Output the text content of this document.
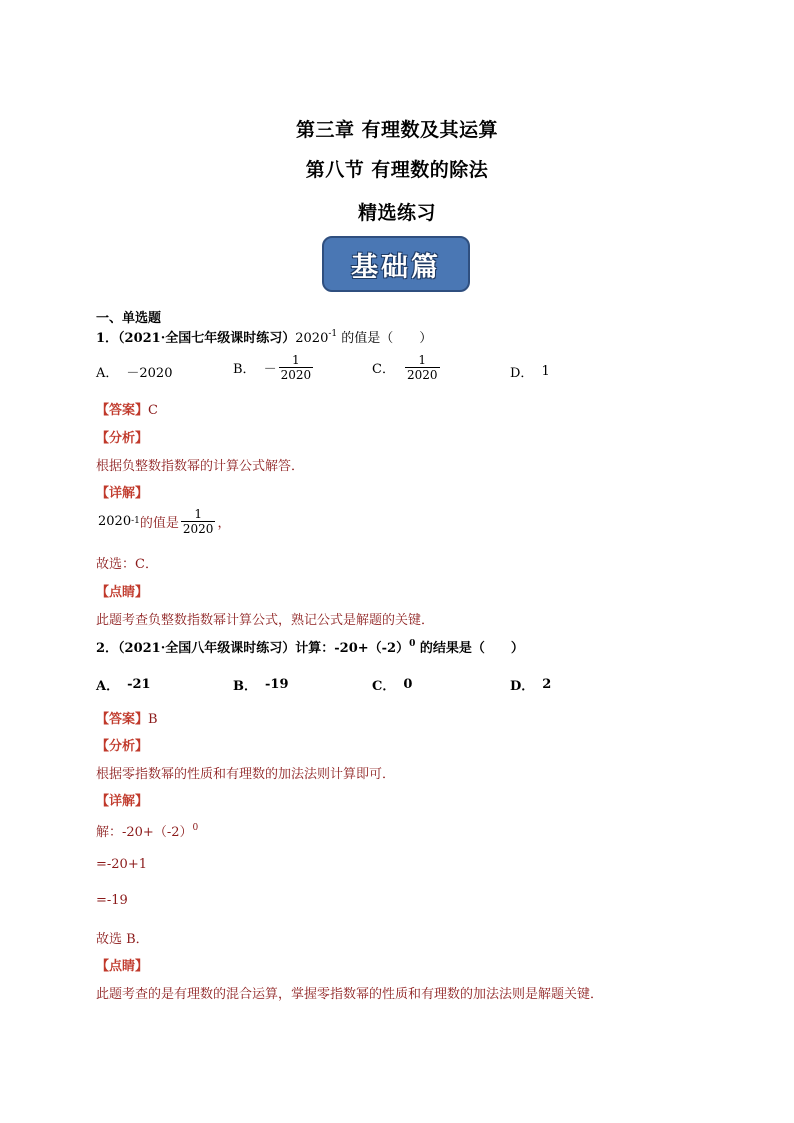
第三章 有理数及其运算
第八节 有理数的除法
精选练习
基础篇
一、单选题
1．（2021·全国七年级课时练习）$2020^{-1}$ 的值是（　　）
A． －2020	B． － $\frac{1}{2020}$	C． $\frac{1}{2020}$	D． 1
【答案】C
【分析】
根据负整数指数幂的计算公式解答．
【详解】
2020 -1 的值是 $\frac{1}{2020}$ ，
故选：C．
【点睛】
此题考查负整数指数幂计算公式，熟记公式是解题的关键．
2．（2021·全国八年级课时练习）计算：$-20+(-2)^0$ 的结果是（　　）
A． -21	B． -19	C． 0	D． 2
【答案】B
【分析】
根据零指数幂的性质和有理数的加法法则计算即可．
【详解】
解：$-20+(-2)^0$
=-20+1
=-19
故选 B．
【点睛】
此题考查的是有理数的混合运算，掌握零指数幂的性质和有理数的加法法则是解题关键．
